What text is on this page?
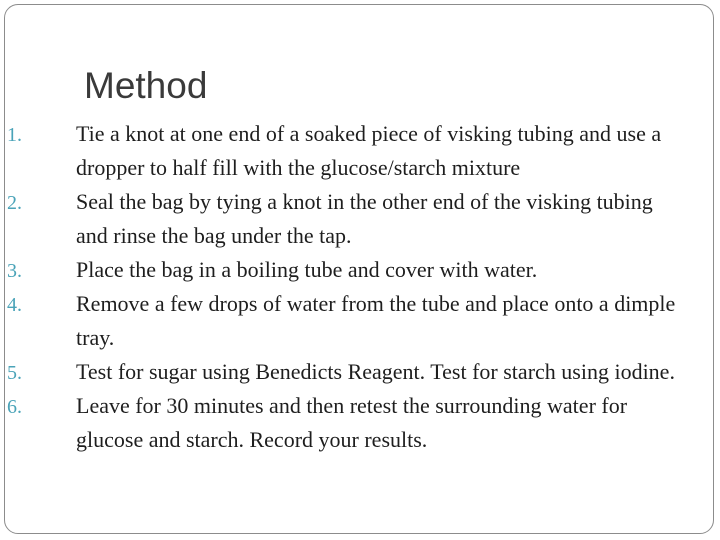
Method
1.	Tie a knot at one end of a soaked piece of visking tubing and use a dropper to half fill with the glucose/starch mixture
2.	Seal the bag by tying a knot in the other end of the visking tubing and rinse the bag under the tap.
3.	Place the bag in a boiling tube and cover with water.
4.	Remove a few drops of water from the tube and place onto a dimple tray.
5.	Test for sugar using Benedicts Reagent. Test for starch using iodine.
6.	Leave for 30 minutes and then retest the surrounding water for glucose and starch. Record your results.
